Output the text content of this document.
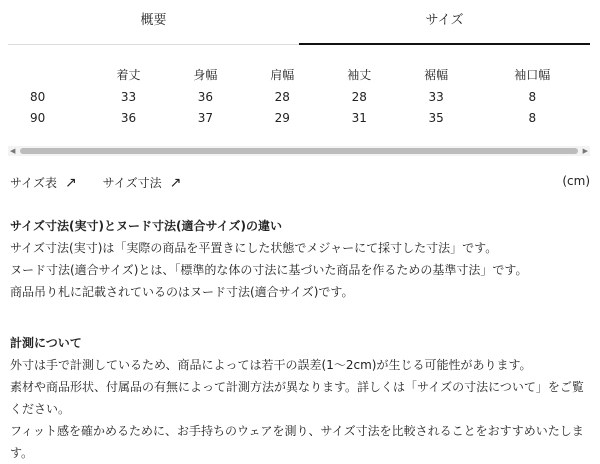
概要	サイズ
	着丈	身幅	肩幅	袖丈	裾幅	袖口幅
80	33	36	28	28	33	8
90	36	37	29	31	35	8
◀	▶
サイズ表 ↗
サイズ寸法 ↗	(cm)
サイズ寸法(実寸)とヌード寸法(適合サイズ)の違い

サイズ寸法(実寸)は「実際の商品を平置きにした状態でメジャーにて採寸した寸法」です。

ヌード寸法(適合サイズ)とは、「標準的な体の寸法に基づいた商品を作るための基準寸法」です。

商品吊り札に記載されているのはヌード寸法(適合サイズ)です。

計測について

外寸は手で計測しているため、商品によっては若干の誤差(1〜2cm)が生じる可能性があります。

素材や商品形状、付属品の有無によって計測方法が異なります。詳しくは「サイズの寸法について」をご覧ください。

フィット感を確かめるために、お手持ちのウェアを測り、サイズ寸法を比較されることをおすすめいたします。
